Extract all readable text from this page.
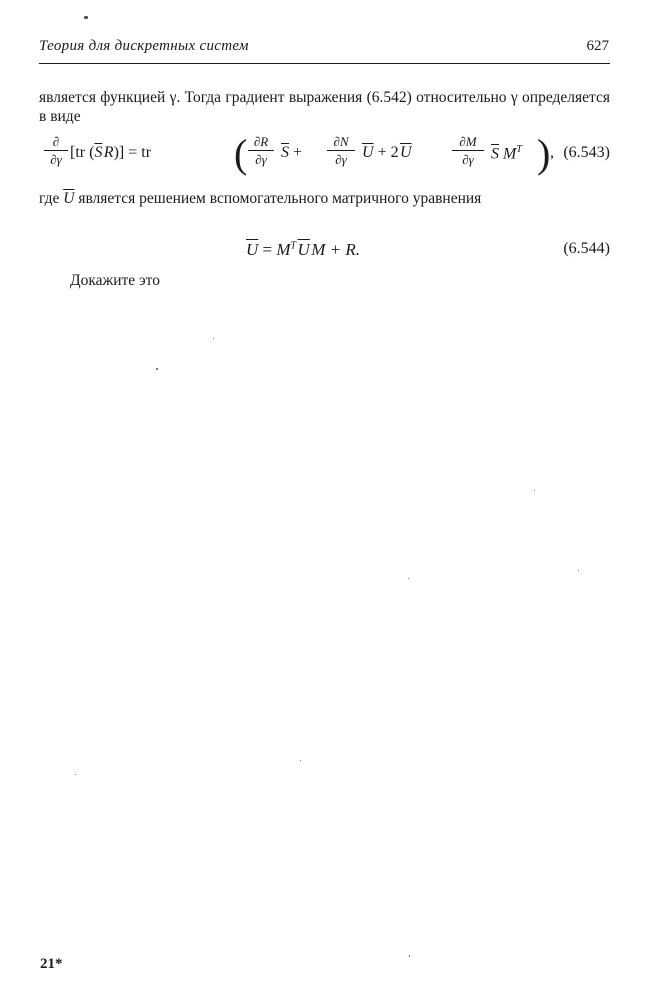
Теория для дискретных систем	627
является функцией γ. Тогда градиент выражения (6.542) относительно γ определяется в виде
∂
∂γ [tr ($\overline{S}$ R)] = tr ( ∂R
∂γ $\overline{S}$ +
∂N
∂γ $\overline{U} + 2$ $\overline{U}$
∂M
∂γ	$\overline{S}$ $M^T$ ) , (6.543)
где $\overline{U}$ является решением вспомогательного матричного уравнения
$\overline{U} = M^T$ $\overline{U}$ M + R.	(6.544)
Докажите это
21*
